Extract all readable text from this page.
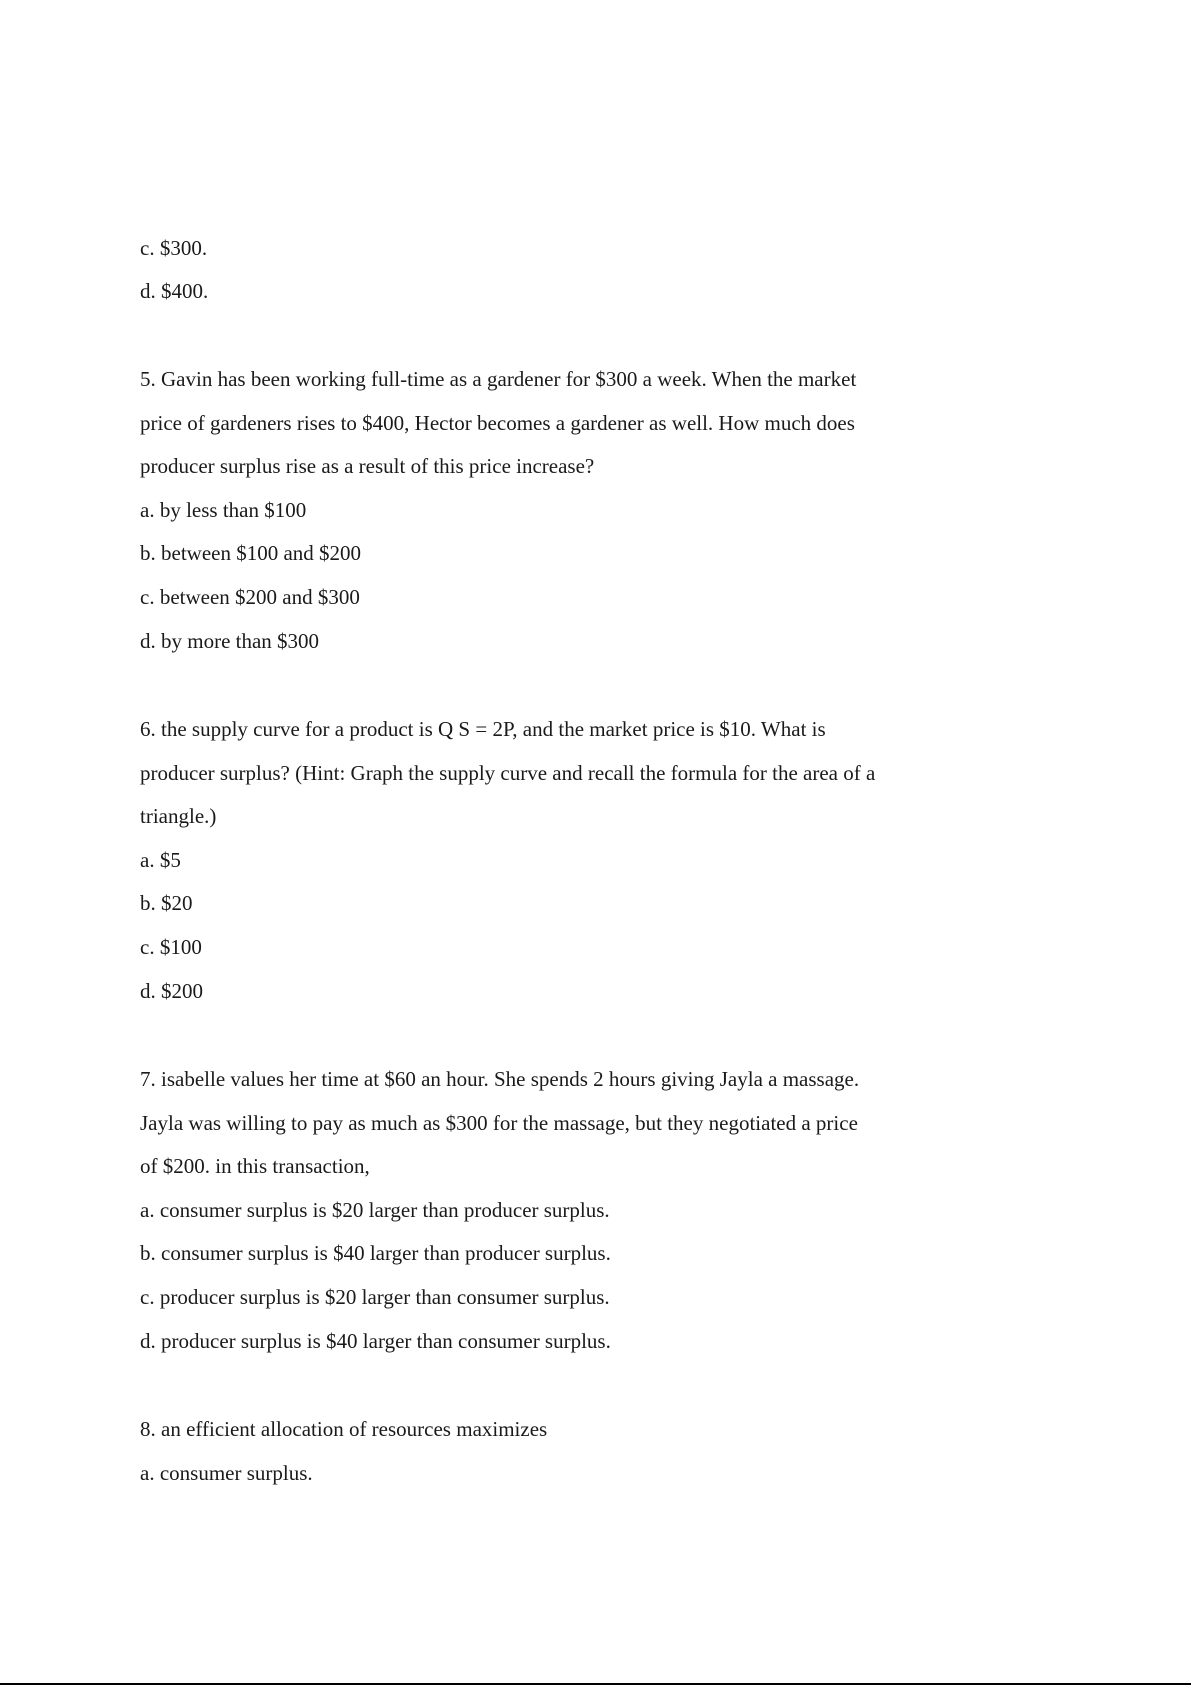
c. $300.
d. $400.
5. Gavin has been working full-time as a gardener for $300 a week. When the market
price of gardeners rises to $400, Hector becomes a gardener as well. How much does
producer surplus rise as a result of this price increase?
a. by less than $100
b. between $100 and $200
c. between $200 and $300
d. by more than $300
6. the supply curve for a product is Q S = 2P, and the market price is $10. What is
producer surplus? (Hint: Graph the supply curve and recall the formula for the area of a
triangle.)
a. $5
b. $20
c. $100
d. $200
7. isabelle values her time at $60 an hour. She spends 2 hours giving Jayla a massage.
Jayla was willing to pay as much as $300 for the massage, but they negotiated a price
of $200. in this transaction,
a. consumer surplus is $20 larger than producer surplus.
b. consumer surplus is $40 larger than producer surplus.
c. producer surplus is $20 larger than consumer surplus.
d. producer surplus is $40 larger than consumer surplus.
8. an efficient allocation of resources maximizes
a. consumer surplus.
